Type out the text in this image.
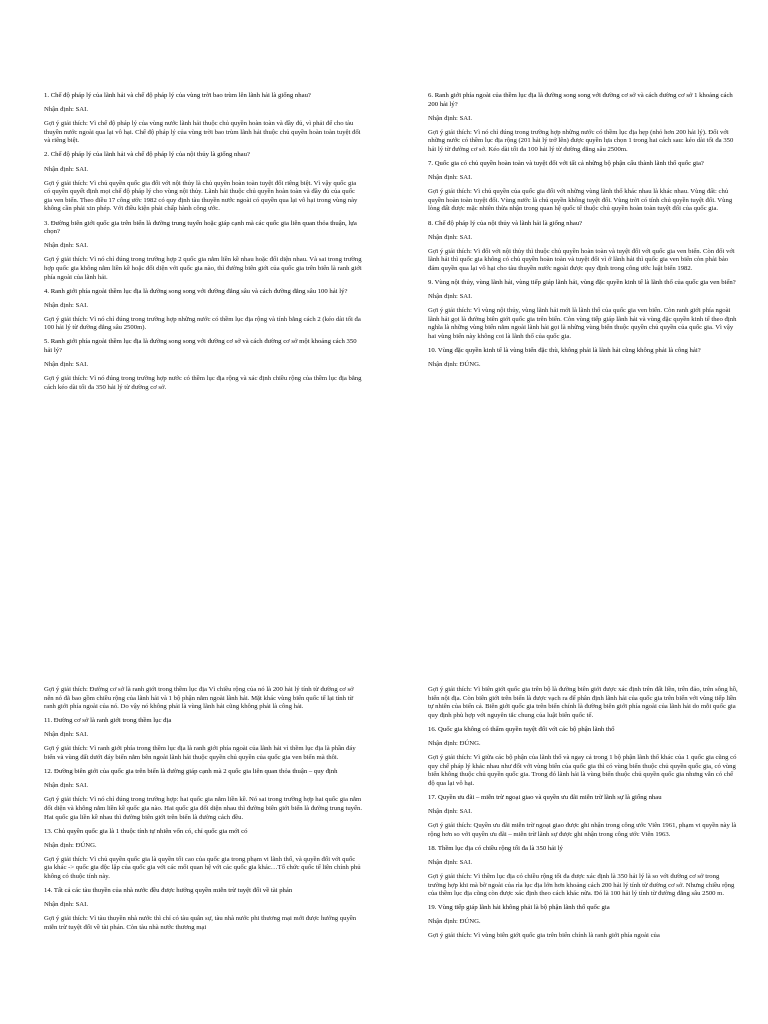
1. Chế độ pháp lý của lãnh hải và chế độ pháp lý của vùng trời bao trùm lên lãnh hải là giống nhau?

Nhận định: SAI.

Gợi ý giải thích: Vì chế độ pháp lý của vùng nước lãnh hải thuộc chủ quyền hoàn toàn và đầy đủ, vì phải để cho tàu thuyền nước ngoài qua lại vô hại. Chế độ pháp lý của vùng trời bao trùm lãnh hải thuộc chủ quyền hoàn toàn tuyệt đối và riêng biệt.

2. Chế độ pháp lý của lãnh hải và chế độ pháp lý của nội thủy là giống nhau?

Nhận định: SAI.

Gợi ý giải thích: Vì chủ quyền quốc gia đối với nội thủy là chủ quyền hoàn toàn tuyệt đối riêng biệt. Vì vậy quốc gia có quyền quyết định mọi chế độ pháp lý cho vùng nội thủy. Lãnh hải thuộc chủ quyền hoàn toàn và đầy đủ của quốc gia ven biển. Theo điều 17 công ước 1982 có quy định tàu thuyền nước ngoài có quyền qua lại vô hại trong vùng này không cần phải xin phép. Với điều kiện phải chấp hành công ước.

3. Đường biên giới quốc gia trên biển là đường trung tuyến hoặc giáp cạnh mà các quốc gia liên quan thỏa thuận, lựa chọn?

Nhận định: SAI.

Gợi ý giải thích: Vì nó chỉ đúng trong trường hợp 2 quốc gia nằm liền kề nhau hoặc đối diện nhau. Và sai trong trường hợp quốc gia không nằm liền kề hoặc đối diện với quốc gia nào, thì đường biên giới của quốc gia trên biển là ranh giới phía ngoài của lãnh hải.

4. Ranh giới phía ngoài thềm lục địa là đường song song với đường đẳng sâu và cách đường đẳng sâu 100 hải lý?

Nhận định: SAI.

Gợi ý giải thích: Vì nó chỉ đúng trong trường hợp những nước có thềm lục địa rộng và tính bằng cách 2 (kéo dài tối đa 100 hải lý từ đường đẳng sâu 2500m).

5. Ranh giới phía ngoài thềm lục địa là đường song song với đường cơ sở và cách đường cơ sở một khoảng cách 350 hải lý?

Nhận định: SAI.

Gợi ý giải thích: Vì nó đúng trong trường hợp nước có thềm lục địa rộng và xác định chiều rộng của thềm lục địa bằng cách kéo dài tối đa 350 hải lý từ đường cơ sở.

6. Ranh giới phía ngoài của thềm lục địa là đường song song với đường cơ sở và cách đường cơ sở 1 khoảng cách 200 hải lý?

Nhận định: SAI.

Gợi ý giải thích: Vì nó chỉ đúng trong trường hợp những nước có thềm lục địa hẹp (nhỏ hơn 200 hải lý). Đối với những nước có thềm lục địa rộng (201 hải lý trở lên) được quyền lựa chọn 1 trong hai cách sau: kéo dài tối đa 350 hải lý từ đường cơ sở. Kéo dài tối đa 100 hải lý từ đường đẳng sâu 2500m.

7. Quốc gia có chủ quyền hoàn toàn và tuyệt đối với tất cả những bộ phận cấu thành lãnh thổ quốc gia?

Nhận định: SAI.

Gợi ý giải thích: Vì chủ quyền của quốc gia đối với những vùng lãnh thổ khác nhau là khác nhau. Vùng đất: chủ quyền hoàn toàn tuyệt đối. Vùng nước là chủ quyền không tuyệt đối. Vùng trời có tính chủ quyền tuyệt đối. Vùng lòng đất được mặc nhiên thừa nhận trong quan hệ quốc tế thuộc chủ quyền hoàn toàn tuyệt đối của quốc gia.

8. Chế độ pháp lý của nội thủy và lãnh hải là giống nhau?

Nhận định: SAI.

Gợi ý giải thích: Vì đối với nội thủy thì thuộc chủ quyền hoàn toàn và tuyệt đối với quốc gia ven biển. Còn đối với lãnh hải thì quốc gia không có chủ quyền hoàn toàn và tuyệt đối vì ở lãnh hải thì quốc gia ven biển còn phải bảo đảm quyền qua lại vô hại cho tàu thuyền nước ngoài được quy định trong công ước luật biển 1982.

9. Vùng nội thủy, vùng lãnh hải, vùng tiếp giáp lãnh hải, vùng đặc quyền kinh tế là lãnh thổ của quốc gia ven biển?

Nhận định: SAI.

Gợi ý giải thích: Vì vùng nội thủy, vùng lãnh hải mới là lãnh thổ của quốc gia ven biển. Còn ranh giới phía ngoài lãnh hải gọi là đường biên giới quốc gia trên biển. Còn vùng tiếp giáp lãnh hải và vùng đặc quyền kinh tế theo định nghĩa là những vùng biển nằm ngoài lãnh hải gọi là những vùng biển thuộc quyền chủ quyền của quốc gia. Vì vậy hai vùng biển này không coi là lãnh thổ của quốc gia.

10. Vùng đặc quyền kinh tế là vùng biển đặc thù, không phải là lãnh hải cũng không phải là công hải?

Nhận định: ĐÚNG.

Gợi ý giải thích: Đường cơ sở là ranh giới trong thềm lục địa Vì chiều rộng của nó là 200 hải lý tính từ đường cơ sở nên nó đã bao gồm chiều rộng của lãnh hải và 1 bộ phận nằm ngoài lãnh hải. Mặt khác vùng biển quốc tế lại tính từ ranh giới phía ngoài của nó. Do vậy nó không phải là vùng lãnh hải cũng không phải là công hải.

11. Đường cơ sở là ranh giới trong thềm lục địa

Nhận định: SAI.

Gợi ý giải thích: Vì ranh giới phía trong thềm lục địa là ranh giới phía ngoài của lãnh hải vì thềm lục địa là phần đáy biển và vùng đất dưới đáy biển nằm bên ngoài lãnh hải thuộc quyền chủ quyền của quốc gia ven biển mà thôi.

12. Đường biên giới của quốc gia trên biển là đường giáp cạnh mà 2 quốc gia liên quan thỏa thuận – quy định

Nhận định: SAI.

Gợi ý giải thích: Vì nó chỉ đúng trong trường hợp: hai quốc gia nằm liền kề. Nó sai trong trường hợp hai quốc gia nằm đối diện và không nằm liền kề quốc gia nào. Hai quốc gia đối diện nhau thì đường biên giới biển là đường trung tuyến. Hai quốc gia liền kề nhau thì đường biên giới trên biển là đường cách đều.

13. Chủ quyền quốc gia là 1 thuộc tính tự nhiên vốn có, chỉ quốc gia mới có

Nhận định: ĐÚNG.

Gợi ý giải thích: Vì chủ quyền quốc gia là quyền tối cao của quốc gia trong phạm vi lãnh thổ, và quyền đối với quốc gia khác -> quốc gia độc lập của quốc gia với các mối quan hệ với các quốc gia khác…Tổ chức quốc tế liên chính phủ không có thuộc tính này.

14. Tất cả các tàu thuyền của nhà nước đều được hưởng quyền miễn trừ tuyệt đối về tài phán

Nhận định: SAI.

Gợi ý giải thích: Vì tàu thuyền nhà nước thì chỉ có tàu quân sự, tàu nhà nước phi thương mại mới được hưởng quyền miễn trừ tuyệt đối về tài phán. Còn tàu nhà nước thương mại

Gợi ý giải thích: Vì biên giới quốc gia trên bộ là đường biên giới được xác định trên đất liền, trên đảo, trên sông hồ, biển nội địa. Còn biên giới trên biển là được vạch ra để phân định lãnh hải của quốc gia trên biển với vùng tiếp liền tự nhiên của biển cả. Biên giới quốc gia trên biển chính là đường biên giới phía ngoài của lãnh hải do mỗi quốc gia quy định phù hợp với nguyên tắc chung của luật biển quốc tế.

16. Quốc gia không có thẩm quyền tuyệt đối với các bộ phận lãnh thổ

Nhận định: ĐÚNG.

Gợi ý giải thích: Vì giữa các bộ phận của lãnh thổ và ngay cả trong 1 bộ phận lãnh thổ khác của 1 quốc gia cũng có quy chế pháp lý khác nhau như đối với vùng biển của quốc gia thì có vùng biển thuộc chủ quyền quốc gia, có vùng biển không thuộc chủ quyền quốc gia. Trong đó lãnh hải là vùng biển thuộc chủ quyền quốc gia nhưng vẫn có chế độ qua lại vô hại.

17. Quyền ưu đãi – miễn trừ ngoại giao và quyền ưu đãi miễn trừ lãnh sự là giống nhau

Nhận định: SAI.

Gợi ý giải thích: Quyền ưu đãi miễn trừ ngoại giao được ghi nhận trong công ước Viên 1961, phạm vi quyền này là rộng hơn so với quyền ưu đãi – miễn trừ lãnh sự được ghi nhận trong công ước Viên 1963.

18. Thềm lục địa có chiều rộng tối đa là 350 hải lý

Nhận định: SAI.

Gợi ý giải thích: Vì thềm lục địa có chiều rộng tối đa được xác định là 350 hải lý là so với đường cơ sở trong trường hợp khi mà bờ ngoài của rìa lục địa lớn hơn khoảng cách 200 hải lý tính từ đường cơ sở. Nhưng chiều rộng của thềm lục địa cũng còn được xác định theo cách khác nữa. Đó là 100 hải lý tính từ đường đẳng sâu 2500 m.

19. Vùng tiếp giáp lãnh hải không phải là bộ phận lãnh thổ quốc gia

Nhận định: ĐÚNG.

Gợi ý giải thích: Vì vùng biên giới quốc gia trên biển chính là ranh giới phía ngoài của
